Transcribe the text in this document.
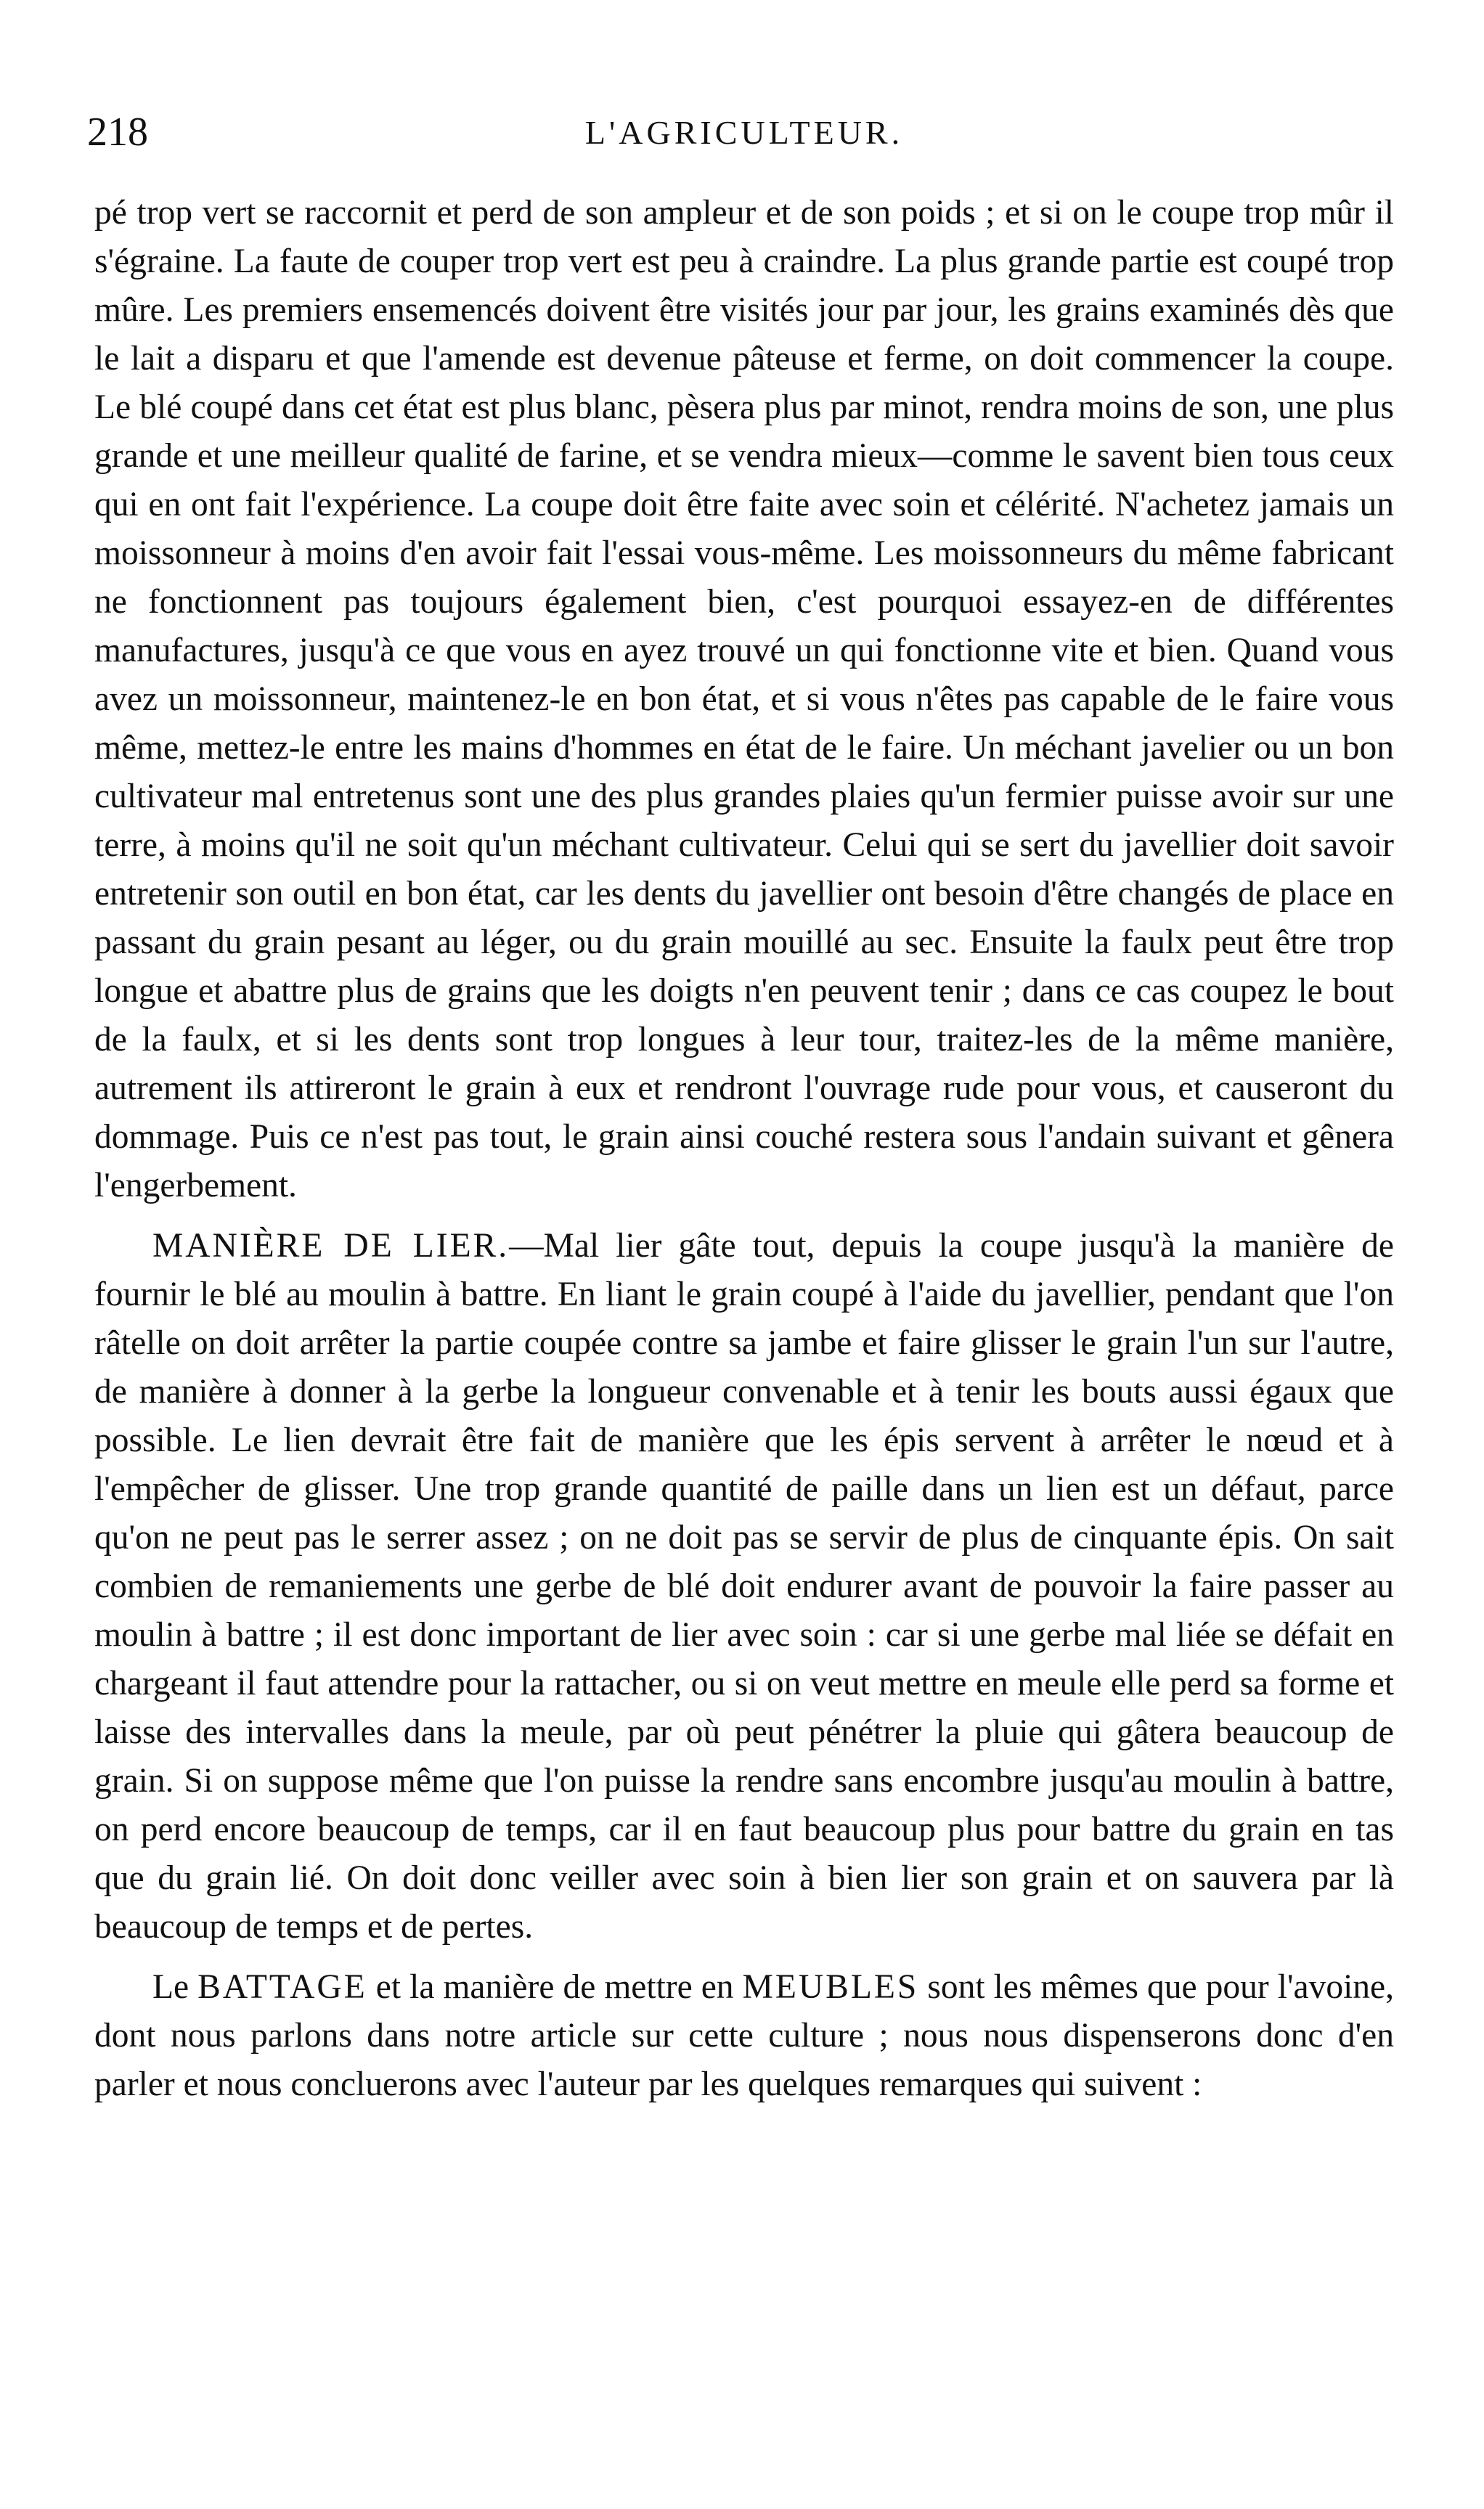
218	L'AGRICULTEUR.

pé trop vert se raccornit et perd de son ampleur et de son poids ; et si on le coupe trop mûr il s'égraine. La faute de couper trop vert est peu à craindre. La plus grande partie est coupé trop mûre. Les premiers ensemencés doivent être visités jour par jour, les grains examinés dès que le lait a disparu et que l'amende est devenue pâteuse et ferme, on doit commencer la coupe. Le blé coupé dans cet état est plus blanc, pèsera plus par minot, rendra moins de son, une plus grande et une meilleur qualité de farine, et se vendra mieux—comme le savent bien tous ceux qui en ont fait l'expérience. La coupe doit être faite avec soin et célérité. N'achetez jamais un moissonneur à moins d'en avoir fait l'essai vous-même. Les moissonneurs du même fabricant ne fonctionnent pas toujours également bien, c'est pourquoi essayez-en de différentes manufactures, jusqu'à ce que vous en ayez trouvé un qui fonctionne vite et bien. Quand vous avez un moissonneur, maintenez-le en bon état, et si vous n'êtes pas capable de le faire vous même, mettez-le entre les mains d'hommes en état de le faire. Un méchant javelier ou un bon cultivateur mal entretenus sont une des plus grandes plaies qu'un fermier puisse avoir sur une terre, à moins qu'il ne soit qu'un méchant cultivateur. Celui qui se sert du javellier doit savoir entretenir son outil en bon état, car les dents du javellier ont besoin d'être changés de place en passant du grain pesant au léger, ou du grain mouillé au sec. Ensuite la faulx peut être trop longue et abattre plus de grains que les doigts n'en peuvent tenir ; dans ce cas coupez le bout de la faulx, et si les dents sont trop longues à leur tour, traitez-les de la même manière, autrement ils attireront le grain à eux et rendront l'ouvrage rude pour vous, et causeront du dommage. Puis ce n'est pas tout, le grain ainsi couché restera sous l'andain suivant et gênera l'engerbement.

MANIÈRE DE LIER.—Mal lier gâte tout, depuis la coupe jusqu'à la manière de fournir le blé au moulin à battre. En liant le grain coupé à l'aide du javellier, pendant que l'on râtelle on doit arrêter la partie coupée contre sa jambe et faire glisser le grain l'un sur l'autre, de manière à donner à la gerbe la longueur convenable et à tenir les bouts aussi égaux que possible. Le lien devrait être fait de manière que les épis servent à arrêter le nœud et à l'empêcher de glisser. Une trop grande quantité de paille dans un lien est un défaut, parce qu'on ne peut pas le serrer assez ; on ne doit pas se servir de plus de cinquante épis. On sait combien de remaniements une gerbe de blé doit endurer avant de pouvoir la faire passer au moulin à battre ; il est donc important de lier avec soin : car si une gerbe mal liée se défait en chargeant il faut attendre pour la rattacher, ou si on veut mettre en meule elle perd sa forme et laisse des intervalles dans la meule, par où peut pénétrer la pluie qui gâtera beaucoup de grain. Si on suppose même que l'on puisse la rendre sans encombre jusqu'au moulin à battre, on perd encore beaucoup de temps, car il en faut beaucoup plus pour battre du grain en tas que du grain lié. On doit donc veiller avec soin à bien lier son grain et on sauvera par là beaucoup de temps et de pertes.

Le BATTAGE et la manière de mettre en MEUBLES sont les mêmes que pour l'avoine, dont nous parlons dans notre article sur cette culture ; nous nous dispenserons donc d'en parler et nous concluerons avec l'auteur par les quelques remarques qui suivent :
